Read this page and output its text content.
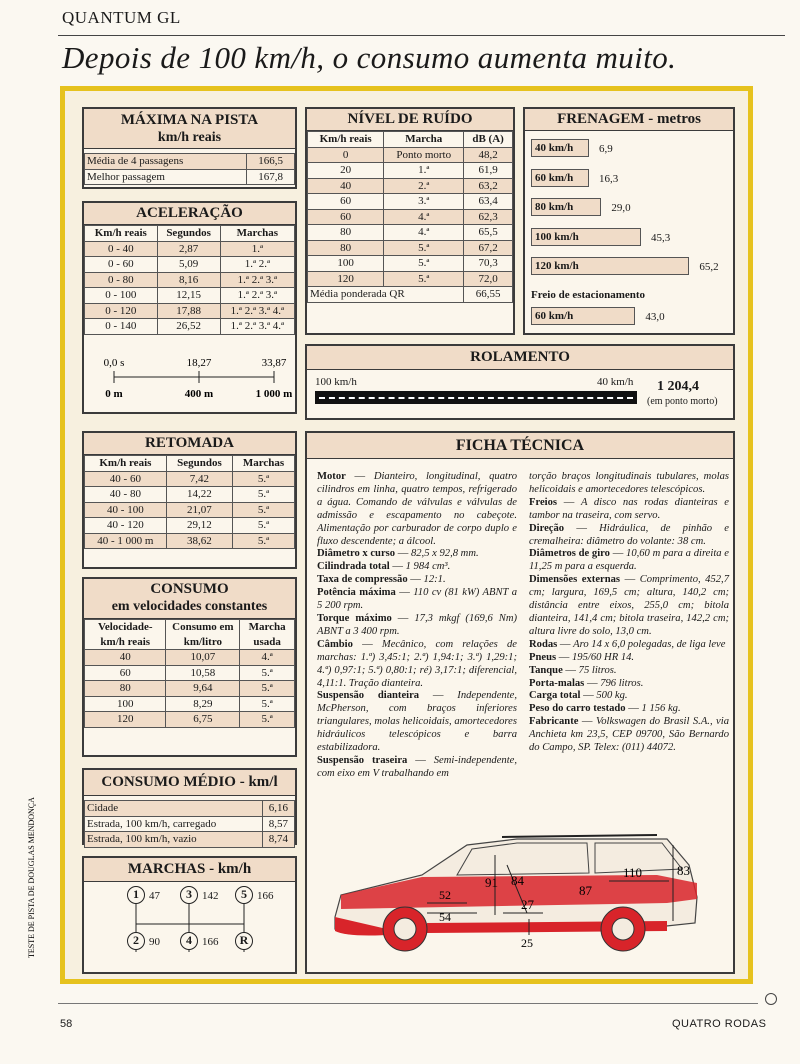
QUANTUM GL
Depois de 100 km/h, o consumo aumenta muito.
MÁXIMA NA PISTA
km/h reais
Média de 4 passagens	166,5
Melhor passagem	167,8
ACELERAÇÃO
Km/h reais	Segundos	Marchas
0 - 40	2,87	1.ª
0 - 60	5,09	1.ª 2.ª
0 - 80	8,16	1.ª 2.ª 3.ª
0 - 100	12,15	1.ª 2.ª 3.ª
0 - 120	17,88	1.ª 2.ª 3.ª 4.ª
0 - 140	26,52	1.ª 2.ª 3.ª 4.ª
0,0 s	18,27	33,87
0 m	400 m	1 000 m
NÍVEL DE RUÍDO
Km/h reais	Marcha	dB (A)
0	Ponto morto	48,2
20	1.ª	61,9
40	2.ª	63,2
60	3.ª	63,4
60	4.ª	62,3
80	4.ª	65,5
80	5.ª	67,2
100	5.ª	70,3
120	5.ª	72,0
Média ponderada QR		66,55
FRENAGEM - metros
40 km/h	6,9
60 km/h	16,3
80 km/h	29,0
100 km/h	45,3
120 km/h	65,2
Freio de estacionamento
60 km/h	43,0
ROLAMENTO
100 km/h	40 km/h 1 204,4
(em ponto morto)
RETOMADA
Km/h reais	Segundos	Marchas
40 - 60	7,42	5.ª
40 - 80	14,22	5.ª
40 - 100	21,07	5.ª
40 - 120	29,12	5.ª
40 - 1 000 m	38,62	5.ª
CONSUMO
em velocidades constantes
Velocidade- km/h reais	Consumo em km/litro	Marcha usada
40	10,07	4.ª
60	10,58	5.ª
80	9,64	5.ª
100	8,29	5.ª
120	6,75	5.ª
CONSUMO MÉDIO - km/l
Cidade	6,16
Estrada, 100 km/h, carregado	8,57
Estrada, 100 km/h, vazio	8,74
MARCHAS - km/h
1 47	3 142	5 166
2 90	4 166	R
FICHA TÉCNICA
Motor — Dianteiro, longitudinal, quatro cilindros em linha, quatro tempos, refrigerado a água. Comando de válvulas e válvulas de admissão e escapamento no cabeçote. Alimentação por carburador de corpo duplo e fluxo descendente; a álcool.
Diâmetro x curso — 82,5 x 92,8 mm.
Cilindrada total — 1 984 cm³.
Taxa de compressão — 12:1.
Potência máxima — 110 cv (81 kW) ABNT a 5 200 rpm.
Torque máximo — 17,3 mkgf (169,6 Nm) ABNT a 3 400 rpm.
Câmbio — Mecânico, com relações de marchas: 1.ª) 3,45:1; 2.ª) 1,94:1; 3.ª) 1,29:1; 4.ª) 0,97:1; 5.ª) 0,80:1; ré) 3,17:1; diferencial, 4,11:1. Tração dianteira.
Suspensão dianteira — Independente, McPherson, com braços inferiores triangulares, molas helicoidais, amortecedores hidráulicos telescópicos e barra estabilizadora.
Suspensão traseira — Semi-independente, com eixo em V trabalhando em
torção braços longitudinais tubulares, molas helicoidais e amortecedores telescópicos.
Freios — A disco nas rodas dianteiras e tambor na traseira, com servo.
Direção — Hidráulica, de pinhão e cremalheira: diâmetro do volante: 38 cm.
Diâmetros de giro — 10,60 m para a direita e 11,25 m para a esquerda.
Dimensões externas — Comprimento, 452,7 cm; largura, 169,5 cm; altura, 140,2 cm; distância entre eixos, 255,0 cm; bitola dianteira, 141,4 cm; bitola traseira, 142,2 cm; altura livre do solo, 13,0 cm.
Rodas — Aro 14 x 6,0 polegadas, de liga leve
Pneus — 195/60 HR 14.
Tanque — 75 litros.
Porta-malas — 796 litros.
Carga total — 500 kg.
Peso do carro testado — 1 156 kg.
Fabricante — Volkswagen do Brasil S.A., via Anchieta km 23,5, CEP 09700, São Bernardo do Campo, SP. Telex: (011) 44072.
91 84
27
52
54
110	83
25
87
TESTE DE PISTA DE DOUGLAS MENDONÇA
58	QUATRO RODAS
